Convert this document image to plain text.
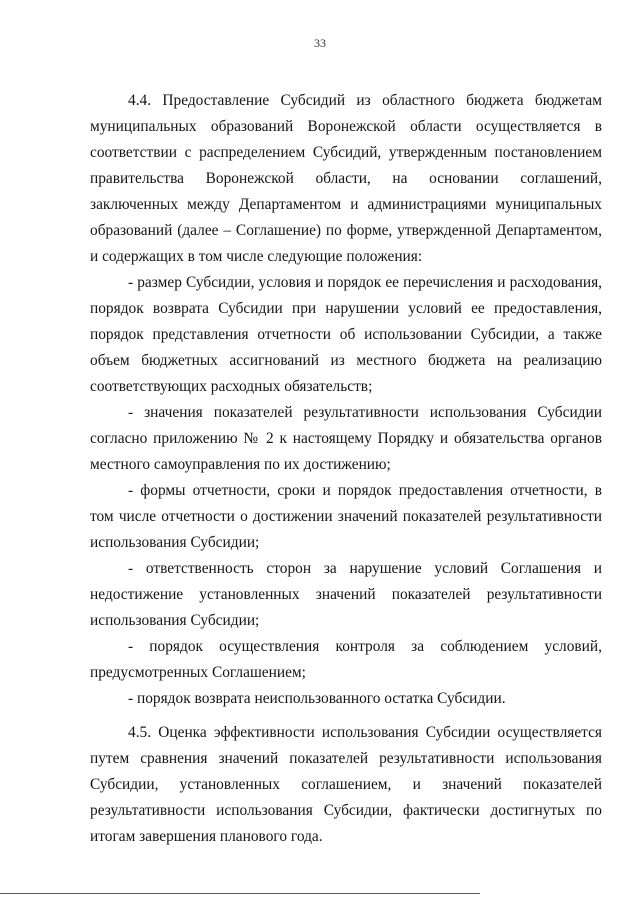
33

4.4. Предоставление Субсидий из областного бюджета бюджетам муниципальных образований Воронежской области осуществляется в соответствии с распределением Субсидий, утвержденным постановлением правительства Воронежской области, на основании соглашений, заключенных между Департаментом и администрациями муниципальных образований (далее – Соглашение) по форме, утвержденной Департаментом, и содержащих в том числе следующие положения:

- размер Субсидии, условия и порядок ее перечисления и расходования, порядок возврата Субсидии при нарушении условий ее предоставления, порядок представления отчетности об использовании Субсидии, а также объем бюджетных ассигнований из местного бюджета на реализацию соответствующих расходных обязательств;

- значения показателей результативности использования Субсидии согласно приложению № 2 к настоящему Порядку и обязательства органов местного самоуправления по их достижению;

- формы отчетности, сроки и порядок предоставления отчетности, в том числе отчетности о достижении значений показателей результативности использования Субсидии;

- ответственность сторон за нарушение условий Соглашения и недостижение установленных значений показателей результативности использования Субсидии;

- порядок осуществления контроля за соблюдением условий, предусмотренных Соглашением;

- порядок возврата неиспользованного остатка Субсидии.

4.5. Оценка эффективности использования Субсидии осуществляется путем сравнения значений показателей результативности использования Субсидии, установленных соглашением, и значений показателей результативности использования Субсидии, фактически достигнутых по итогам завершения планового года.
